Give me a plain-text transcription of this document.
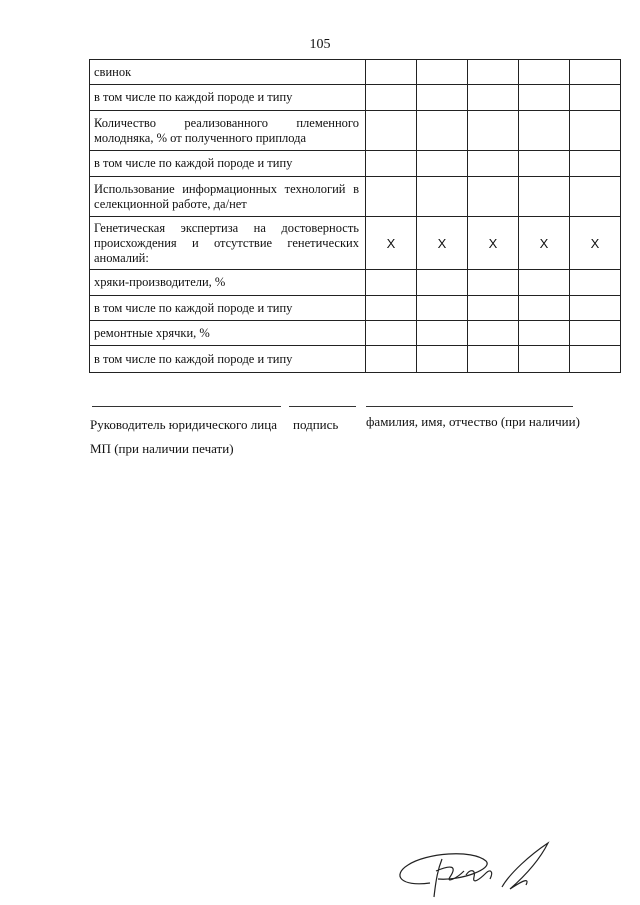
105
свинок					
в том числе по каждой породе и типу					
Количество реализованного племенного молодняка, % от полученного приплода					
в том числе по каждой породе и типу					
Использование информационных технологий в селекционной работе, да/нет					
Генетическая экспертиза на достоверность происхождения и отсутствие генетических аномалий:	X	X	X	X	X
хряки-производители, %					
в том числе по каждой породе и типу					
ремонтные хрячки, %					
в том числе по каждой породе и типу					
Руководитель юридического лица подпись фамилия, имя, отчество (при наличии)
МП (при наличии печати)
